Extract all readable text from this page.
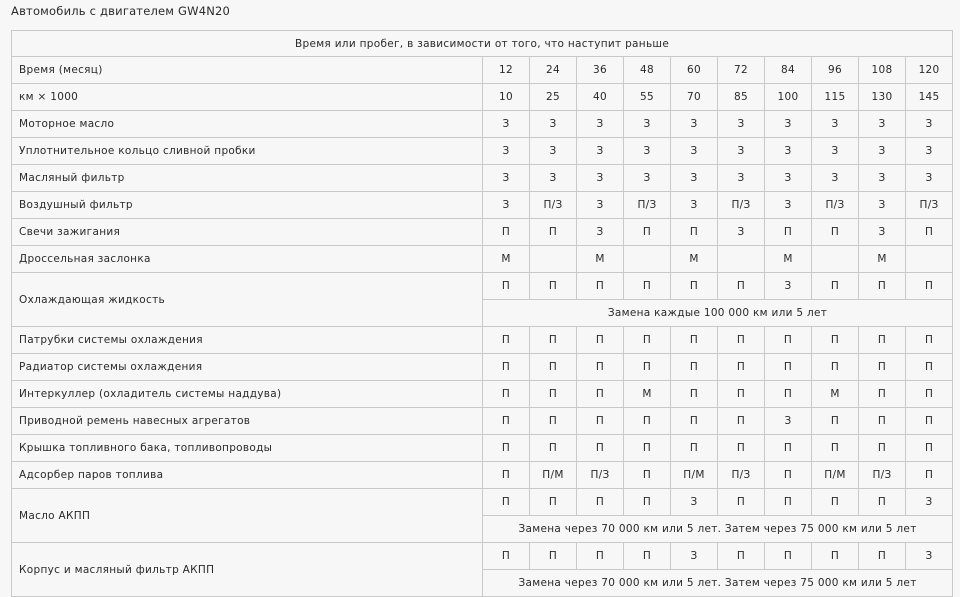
Автомобиль с двигателем GW4N20
Время или пробег, в зависимости от того, что наступит раньше										
Время (месяц)	12	24	36	48	60	72	84	96	108	120
км × 1000	10	25	40	55	70	85	100	115	130	145
Моторное масло	З	З	З	З	З	З	З	З	З	З
Уплотнительное кольцо сливной пробки	З	З	З	З	З	З	З	З	З	З
Масляный фильтр	З	З	З	З	З	З	З	З	З	З
Воздушный фильтр	З	П/З	З	П/З	З	П/З	З	П/З	З	П/З
Свечи зажигания	П	П	З	П	П	З	П	П	З	П
Дроссельная заслонка	М		М		М		М		М	
Охлаждающая жидкость	П	П	П	П	П	П	З	П	П	П
	Замена каждые 100 000 км или 5 лет									
Патрубки системы охлаждения	П	П	П	П	П	П	П	П	П	П
Радиатор системы охлаждения	П	П	П	П	П	П	П	П	П	П
Интеркуллер (охладитель системы наддува)	П	П	П	М	П	П	П	М	П	П
Приводной ремень навесных агрегатов	П	П	П	П	П	П	З	П	П	П
Крышка топливного бака, топливопроводы	П	П	П	П	П	П	П	П	П	П
Адсорбер паров топлива	П	П/М	П/З	П	П/М	П/З	П	П/М	П/З	П
Масло АКПП	П	П	П	П	З	П	П	П	П	З
	Замена через 70 000 км или 5 лет. Затем через 75 000 км или 5 лет									
Корпус и масляный фильтр АКПП	П	П	П	П	З	П	П	П	П	З
	Замена через 70 000 км или 5 лет. Затем через 75 000 км или 5 лет									
